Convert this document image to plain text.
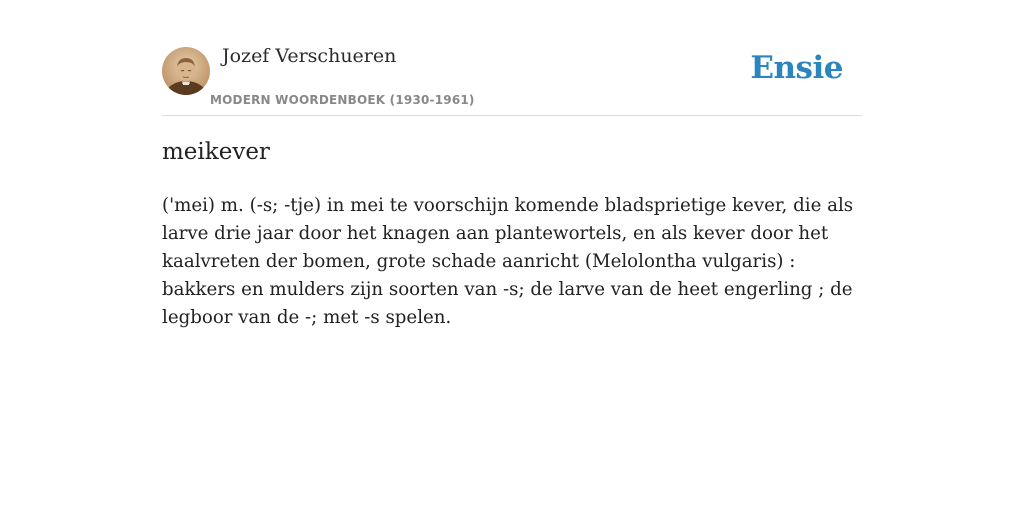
Jozef Verschueren
MODERN WOORDENBOEK (1930-1961)
Ensie
meikever

('mei) m. (-s; -tje) in mei te voorschijn komende bladsprietige kever, die als larve drie jaar door het knagen aan plantewortels, en als kever door het kaalvreten der bomen, grote schade aanricht (Melolontha vulgaris) : bakkers en mulders zijn soorten van -s; de larve van de heet engerling ; de legboor van de -; met -s spelen.
